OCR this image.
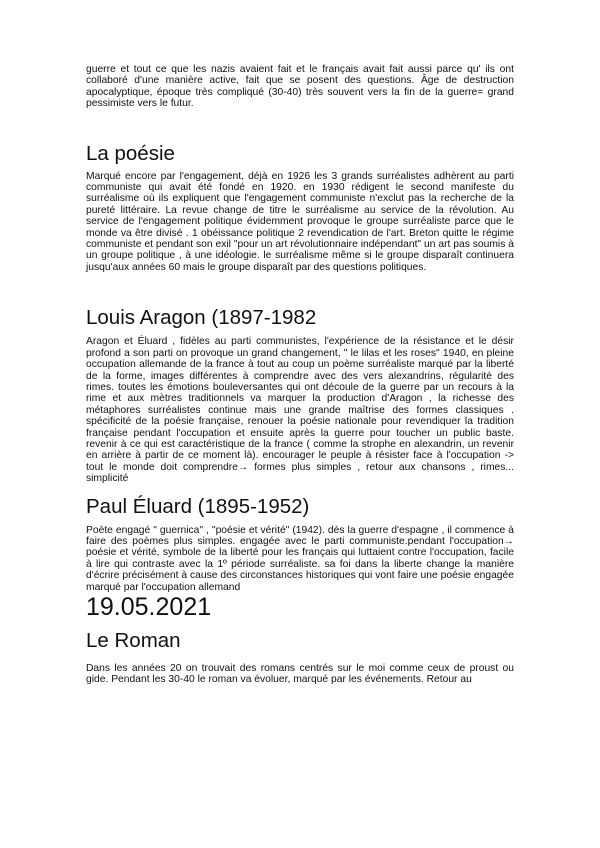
guerre et tout ce que les nazis avaient fait et le français avait fait aussi parce qu' ils ont collaboré d'une manière active, fait que se posent des questions. Âge de destruction apocalyptique, époque très compliqué (30-40) très souvent vers la fin de la guerre= grand pessimiste vers le futur.

La poésie

Marqué encore par l'engagement, déjà en 1926 les 3 grands surréalistes adhèrent au parti communiste qui avait été fondé en 1920. en 1930 rédigent le second manifeste du surréalisme où ils expliquent que l'engagement communiste n'exclut pas la recherche de la pureté littéraire. La revue change de titre le surréalisme au service de la révolution. Au service de l'engagement politique évidemment provoque le groupe surréaliste parce que le monde va être divisé . 1 obéissance politique 2 revendication de l'art. Breton quitte le régime communiste et pendant son exil "pour un art révolutionnaire indépendant" un art pas soumis à un groupe politique , à une idéologie. le surréalisme même si le groupe disparaît continuera jusqu'aux années 60 mais le groupe disparaît par des questions politiques.

Louis Aragon (1897-1982

Aragon et Éluard , fidèles au parti communistes, l'expérience de la résistance et le désir profond a son parti on provoque un grand changement, " le lilas et les roses" 1940, en pleine occupation allemande de la france à tout au coup un poème surréaliste marqué par la liberté de la forme, images différentes à comprendre avec des vers alexandrins, régularité des rimes. toutes les émotions bouleversantes qui ont découle de la guerre par un recours à la rime et aux mètres traditionnels va marquer la production d'Aragon , la richesse des métaphores surréalistes continue mais une grande maîtrise des formes classiques . spécificité de la poésie française, renouer la poésie nationale pour revendiquer la tradition française pendant l'occupation et ensuite après la guerre pour toucher un public baste. revenir à ce qui est caractéristique de la france ( comme la strophe en alexandrin, un revenir en arrière à partir de ce moment là). encourager le peuple à résister face à l'occupation -> tout le monde doit comprendre→ formes plus simples , retour aux chansons , rimes... simplicité

Paul Éluard (1895-1952)

Poète engagé " guernica" , "poésie et vérité" (1942). dès la guerre d'espagne , il commence à faire des poèmes plus simples. engagée avec le parti communiste.pendant l'occupation→ poésie et vérité, symbole de la liberté pour les français qui luttaient contre l'occupation, facile à lire qui contraste avec la 1º période surréaliste. sa foi dans la liberte change la manière d'écrire précisément à cause des circonstances historiques qui vont faire une poésie engagée marqué par l'occupation allemand

19.05.2021
Le Roman

Dans les années 20 on trouvait des romans centrés sur le moi comme ceux de proust ou gide. Pendant les 30-40 le roman va évoluer, marqué par les événements. Retour au
